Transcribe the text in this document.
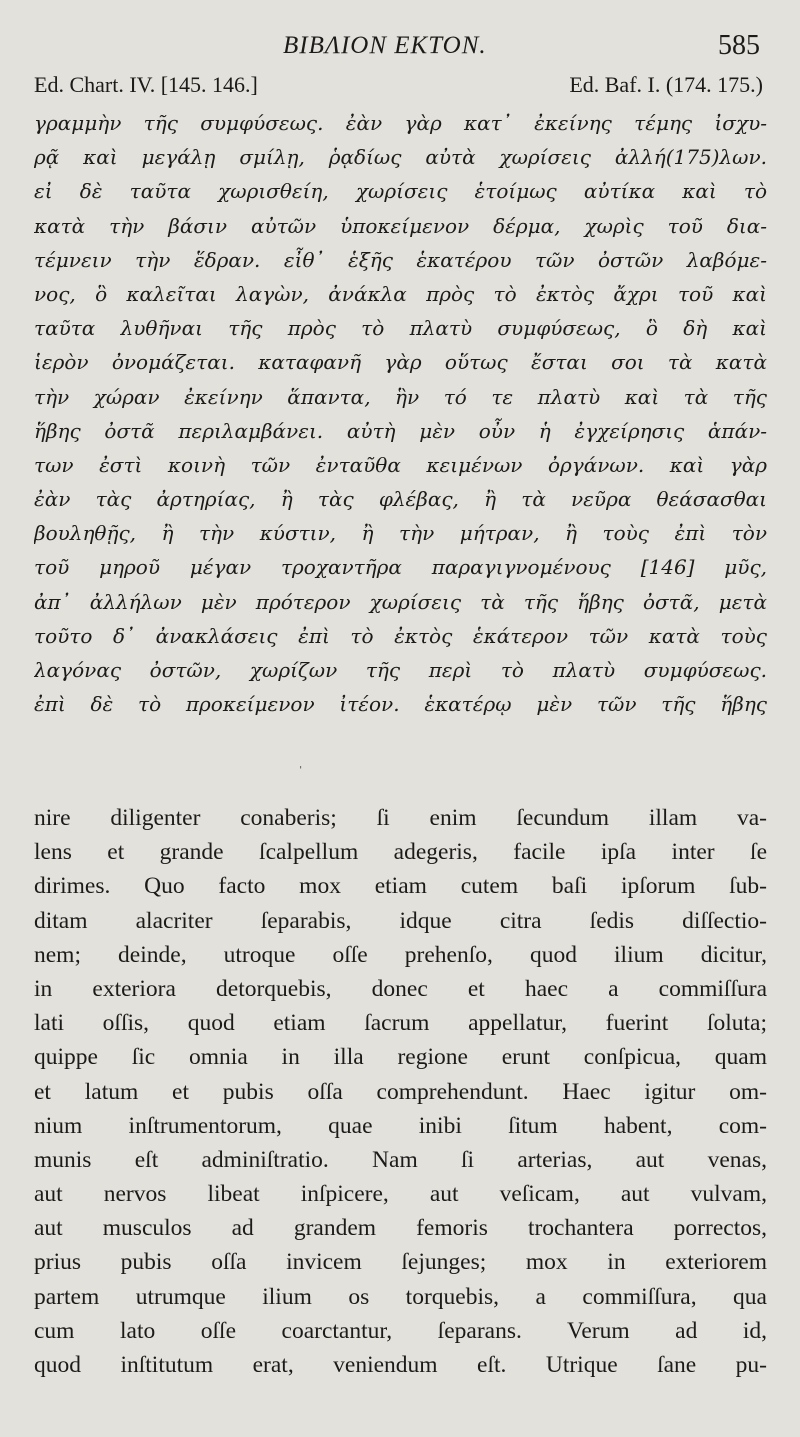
ΒΙΒΛΙΟΝ ΕΚΤΟΝ.	585
Ed. Chart. IV. [145. 146.]	Ed. Baf. I. (174. 175.)
γραμμὴν τῆς συμφύσεως. ἐὰν γὰρ κατ᾽ ἐκείνης τέμης ἰσχυ-
ρᾷ καὶ μεγάλῃ σμίλῃ, ῥᾳδίως αὐτὰ χωρίσεις ἀλλή(175)λων.
εἰ δὲ ταῦτα χωρισθείη, χωρίσεις ἑτοίμως αὐτίκα καὶ τὸ
κατὰ τὴν βάσιν αὐτῶν ὑποκείμενον δέρμα, χωρὶς τοῦ δια-
τέμνειν τὴν ἕδραν. εἶθ᾽ ἑξῆς ἑκατέρου τῶν ὀστῶν λαβόμε-
νος, ὃ καλεῖται λαγὼν, ἀνάκλα πρὸς τὸ ἐκτὸς ἄχρι τοῦ καὶ
ταῦτα λυθῆναι τῆς πρὸς τὸ πλατὺ συμφύσεως, ὃ δὴ καὶ
ἱερὸν ὀνομάζεται. καταφανῆ γὰρ οὕτως ἔσται σοι τὰ κατὰ
τὴν χώραν ἐκείνην ἅπαντα, ἣν τό τε πλατὺ καὶ τὰ τῆς
ἥβης ὀστᾶ περιλαμβάνει. αὐτὴ μὲν οὖν ἡ ἐγχείρησις ἁπάν-
των ἐστὶ κοινὴ τῶν ἐνταῦθα κειμένων ὀργάνων. καὶ γὰρ
ἐὰν τὰς ἀρτηρίας, ἢ τὰς φλέβας, ἢ τὰ νεῦρα θεάσασθαι
βουληθῇς, ἢ τὴν κύστιν, ἢ τὴν μήτραν, ἢ τοὺς ἐπὶ τὸν
τοῦ μηροῦ μέγαν τροχαντῆρα παραγιγνομένους [146] μῦς,
ἀπ᾽ ἀλλήλων μὲν πρότερον χωρίσεις τὰ τῆς ἥβης ὀστᾶ, μετὰ
τοῦτο δ᾽ ἀνακλάσεις ἐπὶ τὸ ἐκτὸς ἑκάτερον τῶν κατὰ τοὺς
λαγόνας ὀστῶν, χωρίζων τῆς περὶ τὸ πλατὺ συμφύσεως.
ἐπὶ δὲ τὸ προκείμενον ἰτέον. ἑκατέρῳ μὲν τῶν τῆς ἥβης
ˌ
nire diligenter conaberis; ſi enim ſecundum illam va-
lens et grande ſcalpellum adegeris, facile ipſa inter ſe
dirimes. Quo facto mox etiam cutem baſi ipſorum ſub-
ditam alacriter ſeparabis, idque citra ſedis diſſectio-
nem; deinde, utroque oſſe prehenſo, quod ilium dicitur,
in exteriora detorquebis, donec et haec a commiſſura
lati oſſis, quod etiam ſacrum appellatur, fuerint ſoluta;
quippe ſic omnia in illa regione erunt conſpicua, quam
et latum et pubis oſſa comprehendunt. Haec igitur om-
nium inſtrumentorum, quae inibi ſitum habent, com-
munis eſt adminiſtratio. Nam ſi arterias, aut venas,
aut nervos libeat inſpicere, aut veſicam, aut vulvam,
aut musculos ad grandem femoris trochantera porrectos,
prius pubis oſſa invicem ſejunges; mox in exteriorem
partem utrumque ilium os torquebis, a commiſſura, qua
cum lato oſſe coarctantur, ſeparans. Verum ad id,
quod inſtitutum erat, veniendum eſt. Utrique ſane pu-
